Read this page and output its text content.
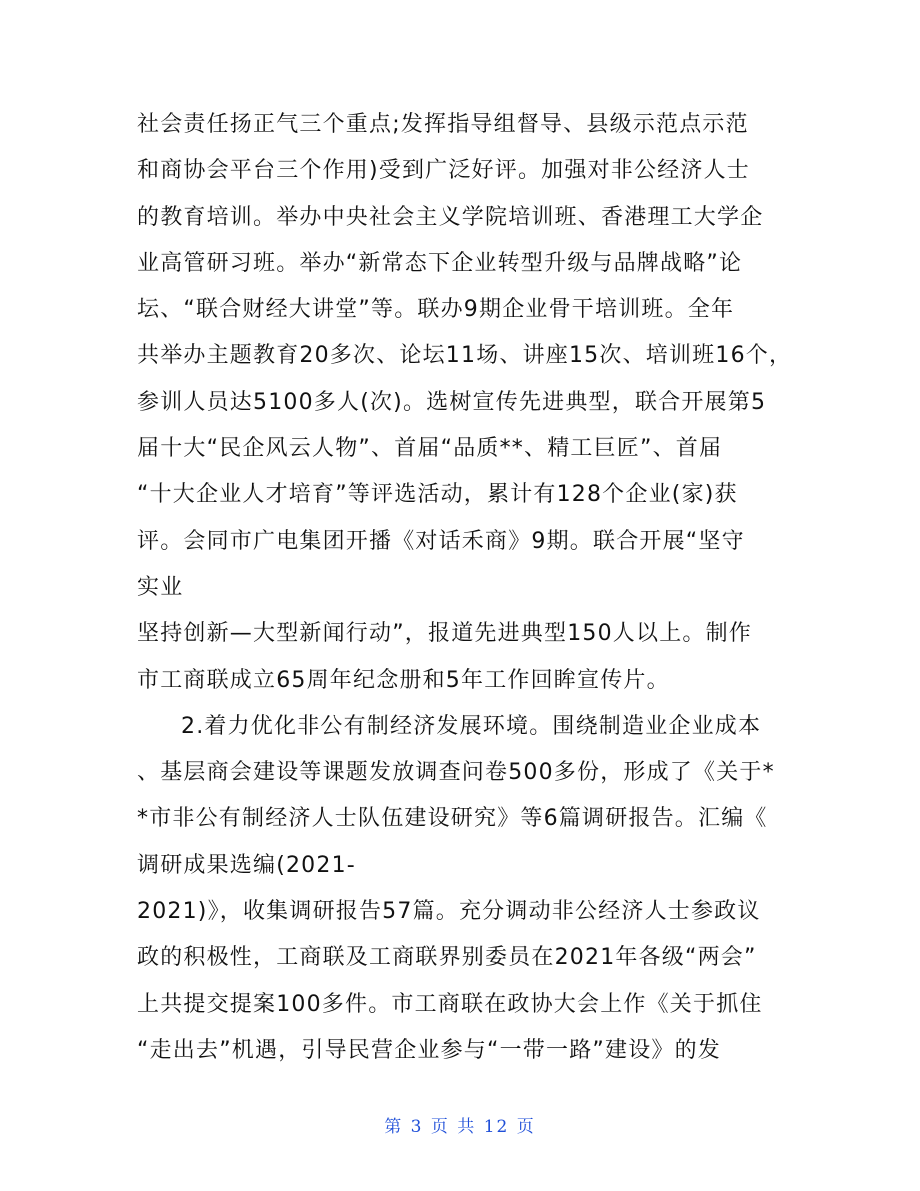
社会责任扬正气三个重点;发挥指导组督导、县级示范点示范
和商协会平台三个作用)受到广泛好评。加强对非公经济人士
的教育培训。举办中央社会主义学院培训班、香港理工大学企
业高管研习班。举办“新常态下企业转型升级与品牌战略”论
坛、“联合财经大讲堂”等。联办9期企业骨干培训班。全年
共举办主题教育20多次、论坛11场、讲座15次、培训班16个，
参训人员达5100多人(次)。选树宣传先进典型，联合开展第5
届十大“民企风云人物”、首届“品质**、精工巨匠”、首届
“十大企业人才培育”等评选活动，累计有128个企业(家)获
评。会同市广电集团开播《对话禾商》9期。联合开展“坚守
实业
坚持创新—大型新闻行动”，报道先进典型150人以上。制作
市工商联成立65周年纪念册和5年工作回眸宣传片。
2.着力优化非公有制经济发展环境。围绕制造业企业成本
、基层商会建设等课题发放调查问卷500多份，形成了《关于*
*市非公有制经济人士队伍建设研究》等6篇调研报告。汇编《
调研成果选编(2021-
2021)》，收集调研报告57篇。充分调动非公经济人士参政议
政的积极性，工商联及工商联界别委员在2021年各级“两会”
上共提交提案100多件。市工商联在政协大会上作《关于抓住
“走出去”机遇，引导民营企业参与“一带一路”建设》的发
第 3 页 共 12 页
